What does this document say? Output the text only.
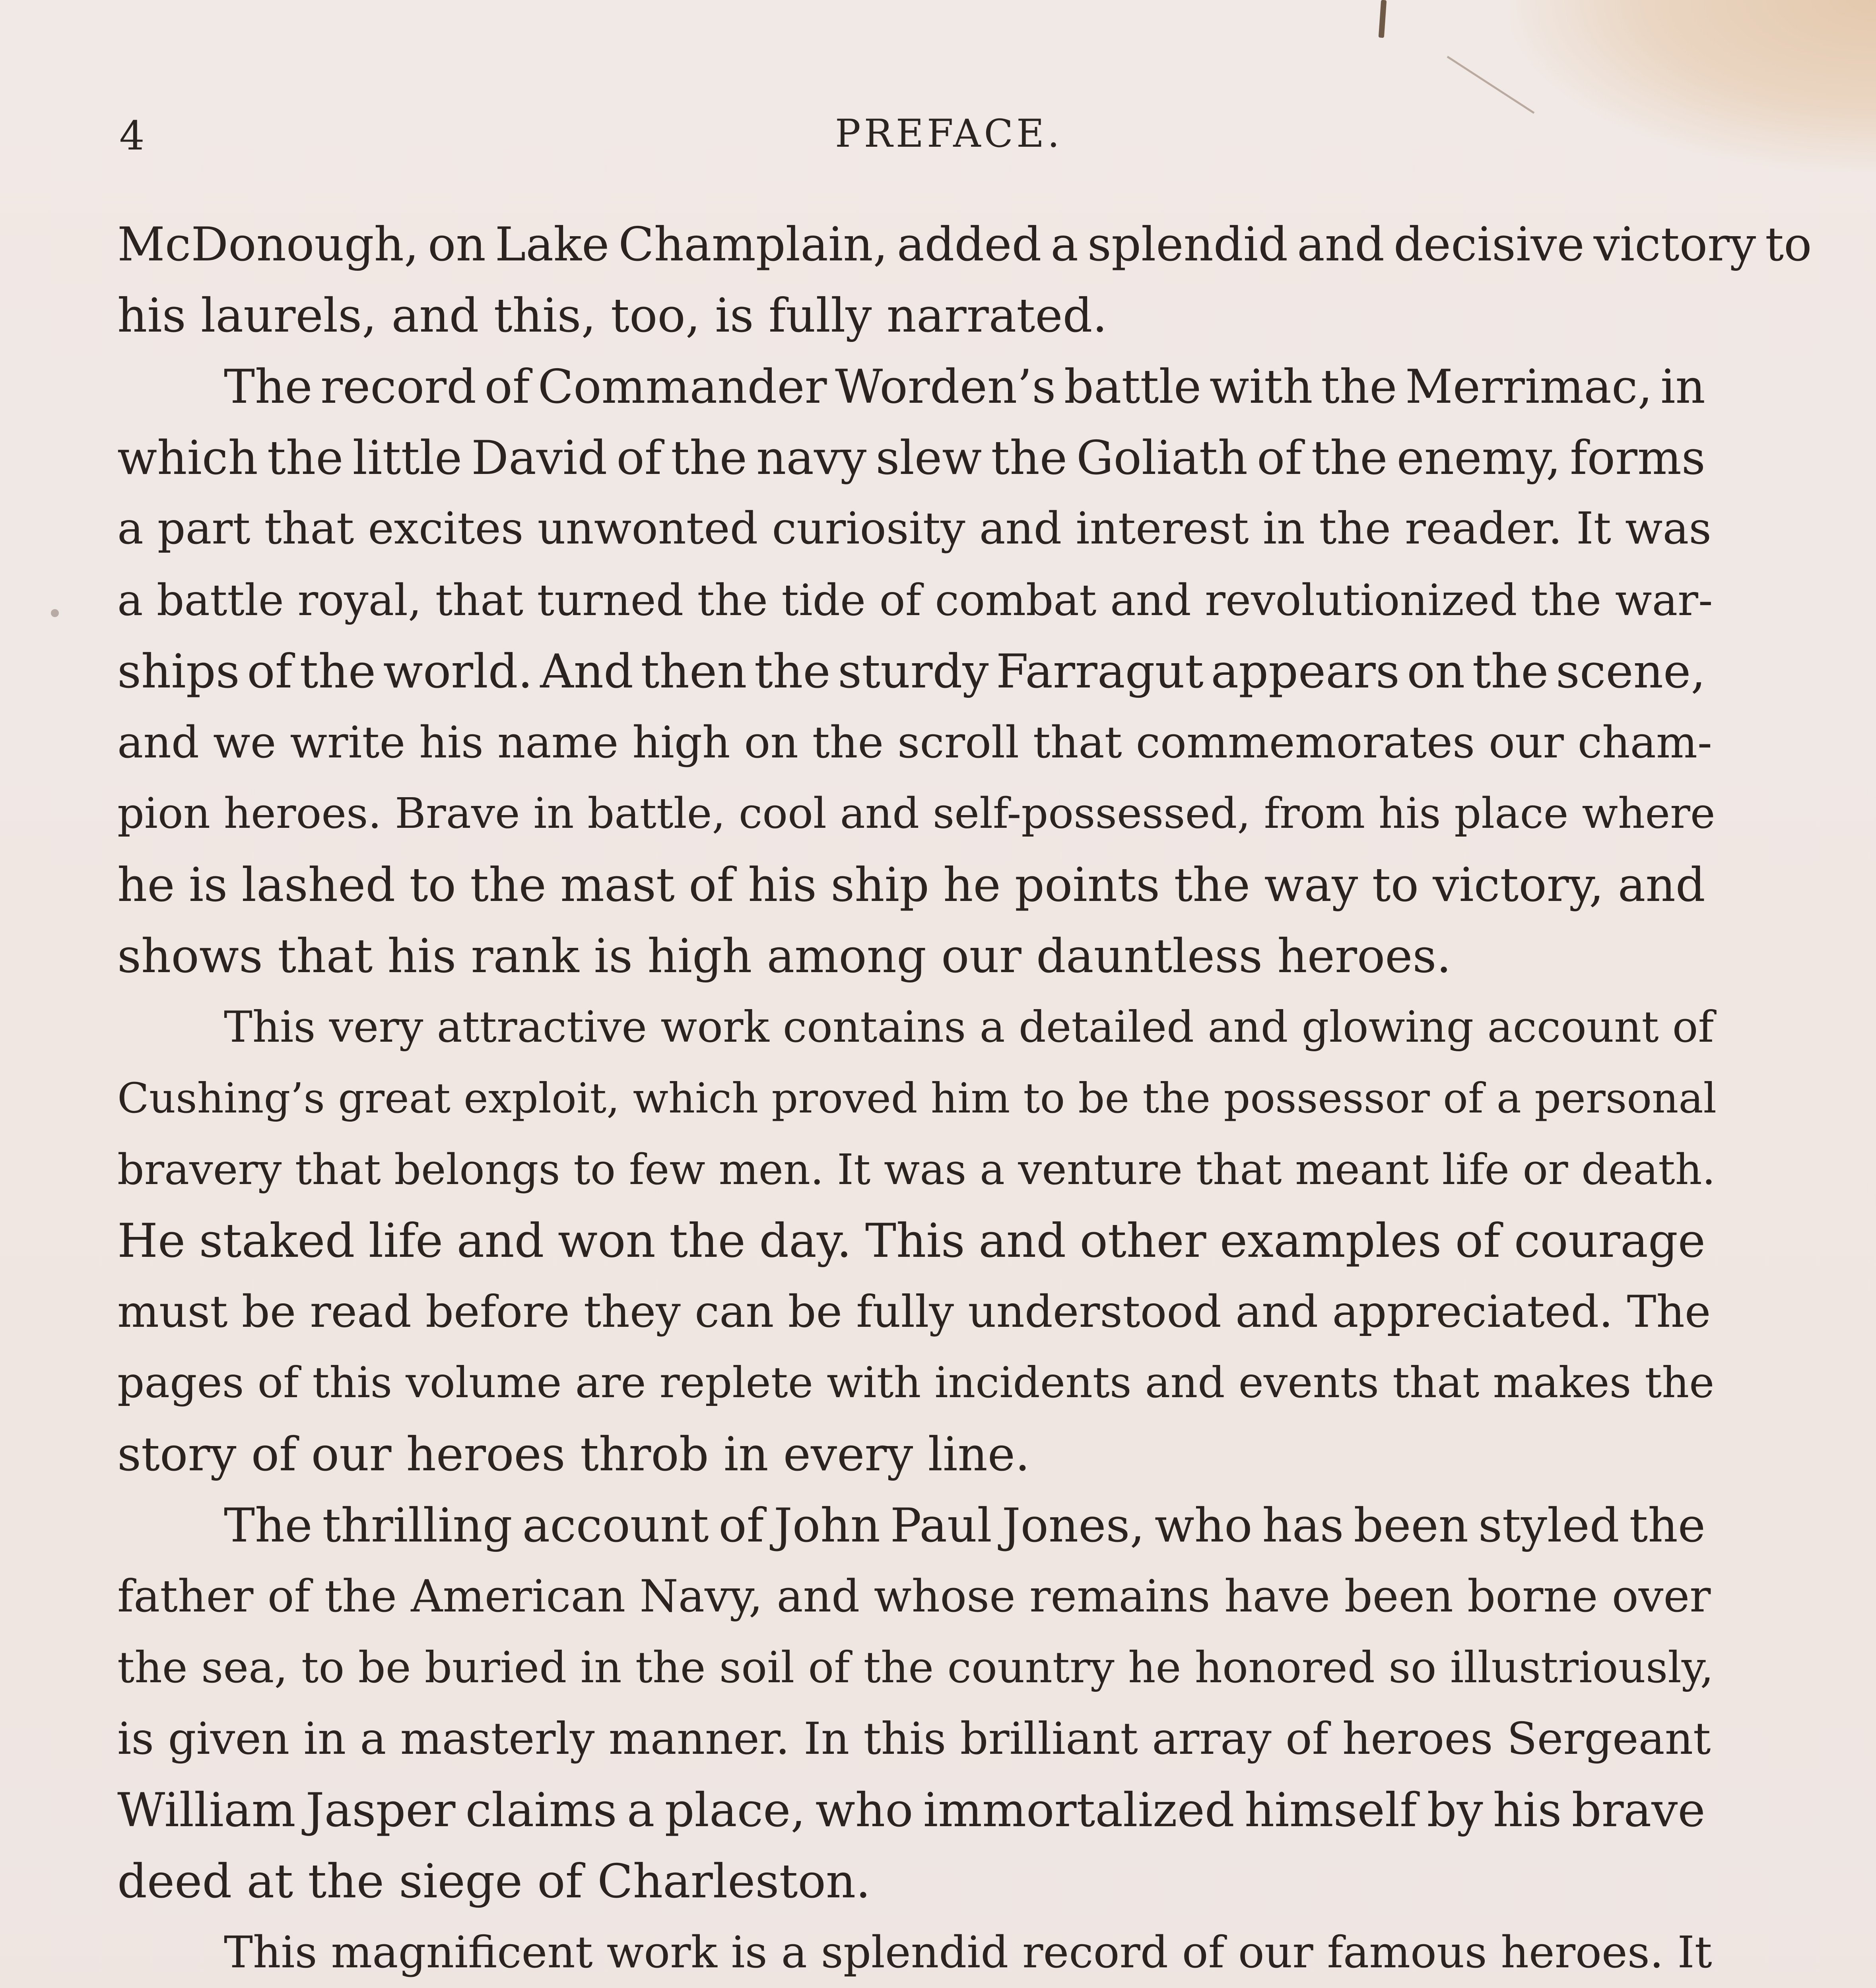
4	PREFACE.

McDonough, on Lake Champlain, added a splendid and decisive victory to
his laurels, and this, too, is fully narrated.

The record of Commander Worden’s battle with the Merrimac, in
which the little David of the navy slew the Goliath of the enemy, forms
a part that excites unwonted curiosity and interest in the reader. It was
a battle royal, that turned the tide of combat and revolutionized the war-
ships of the world. And then the sturdy Farragut appears on the scene,
and we write his name high on the scroll that commemorates our cham-
pion heroes. Brave in battle, cool and self-possessed, from his place where
he is lashed to the mast of his ship he points the way to victory, and
shows that his rank is high among our dauntless heroes.

This very attractive work contains a detailed and glowing account of
Cushing’s great exploit, which proved him to be the possessor of a personal
bravery that belongs to few men. It was a venture that meant life or death.
He staked life and won the day. This and other examples of courage
must be read before they can be fully understood and appreciated. The
pages of this volume are replete with incidents and events that makes the
story of our heroes throb in every line.

The thrilling account of John Paul Jones, who has been styled the
father of the American Navy, and whose remains have been borne over
the sea, to be buried in the soil of the country he honored so illustriously,
is given in a masterly manner. In this brilliant array of heroes Sergeant
William Jasper claims a place, who immortalized himself by his brave
deed at the siege of Charleston.

This magnificent work is a splendid record of our famous heroes. It
